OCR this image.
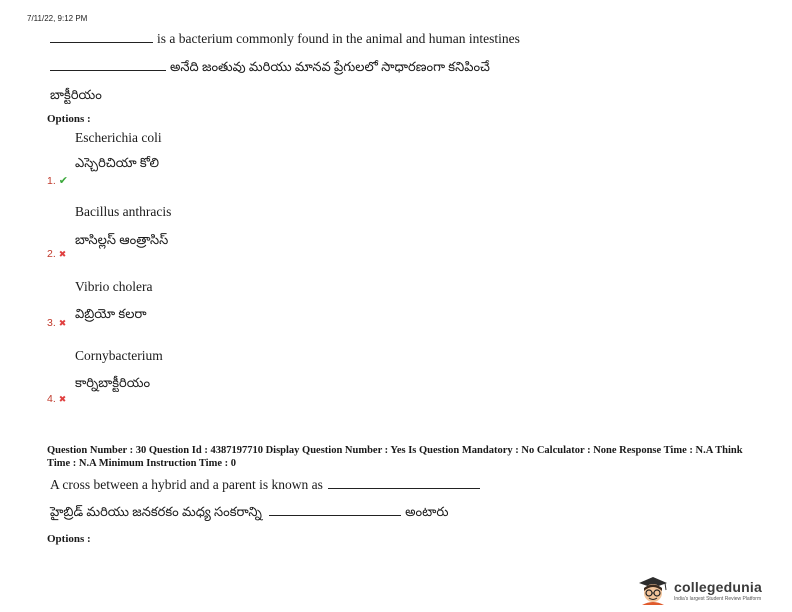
7/11/22, 9:12 PM
is a bacterium commonly found in the animal and human intestines
అనేది జంతువు మరియు మానవ ప్రేగులలో సాధారణంగా కనిపించే
బాక్టీరియం
Options :
Escherichia coli
ఎస్చెరిచియా కోలి
1. ✔
Bacillus anthracis
బాసిల్లస్ ఆంత్రాసిస్
2. ✖
Vibrio cholera
విబ్రియో కలరా
3. ✖
Cornybacterium
కార్నిబాక్టీరియం
4. ✖
Question Number : 30 Question Id : 4387197710 Display Question Number : Yes Is Question Mandatory : No Calculator : None Response Time : N.A Think Time : N.A Minimum Instruction Time : 0
A cross between a hybrid and a parent is known as
హైబ్రిడ్ మరియు జనకరకం మధ్య సంకరాన్ని	అంటారు
Options :
collegedunia
India's largest Student Review Platform
